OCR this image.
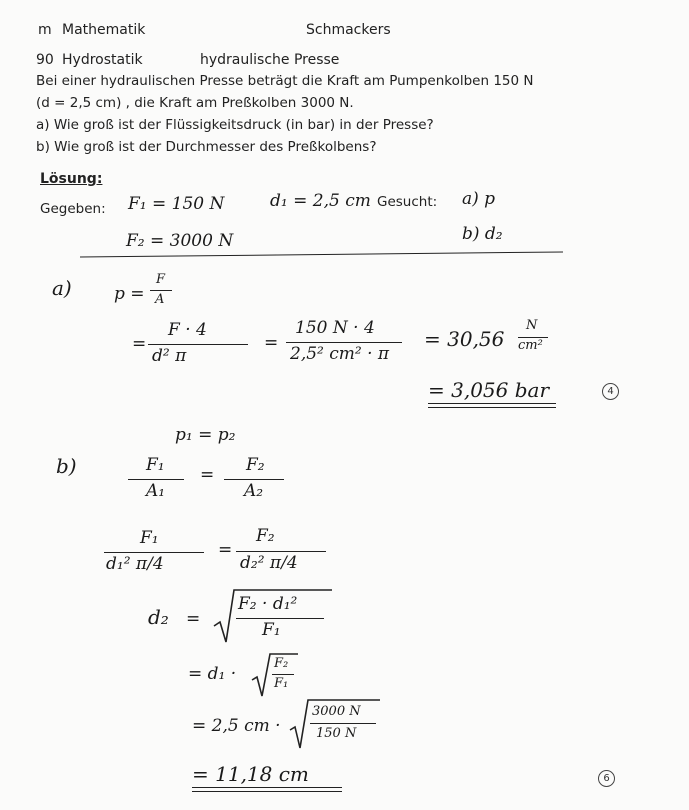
m Mathematik	Schmackers
90 Hydrostatik	hydraulische Presse
Bei einer hydraulischen Presse beträgt die Kraft am Pumpenkolben 150 N
(d = 2,5 cm) , die Kraft am Preßkolben 3000 N.
a) Wie groß ist der Flüssigkeitsdruck (in bar) in der Presse?
b) Wie groß ist der Durchmesser des Preßkolbens?
Lösung:
Gegeben: F₁ = 150 N	d₁ = 2,5 cm Gesucht: a) p
F₂ = 3000 N	b) d₂
a) p =
F
A
=
F · 4
d² π
=
150 N · 4
2,5² cm² · π
= 30,56
N
cm²
= 3,056 bar	4
p₁ = p₂
b)	F₁
A₁
= F₂
A₂
F₁
d₁² π/4
=
F₂
d₂² π/4
d₂ =
F₂ · d₁²
F₁
= d₁ ·
F₂
F₁
= 2,5 cm ·
3000 N
150 N
= 11,18 cm	6
